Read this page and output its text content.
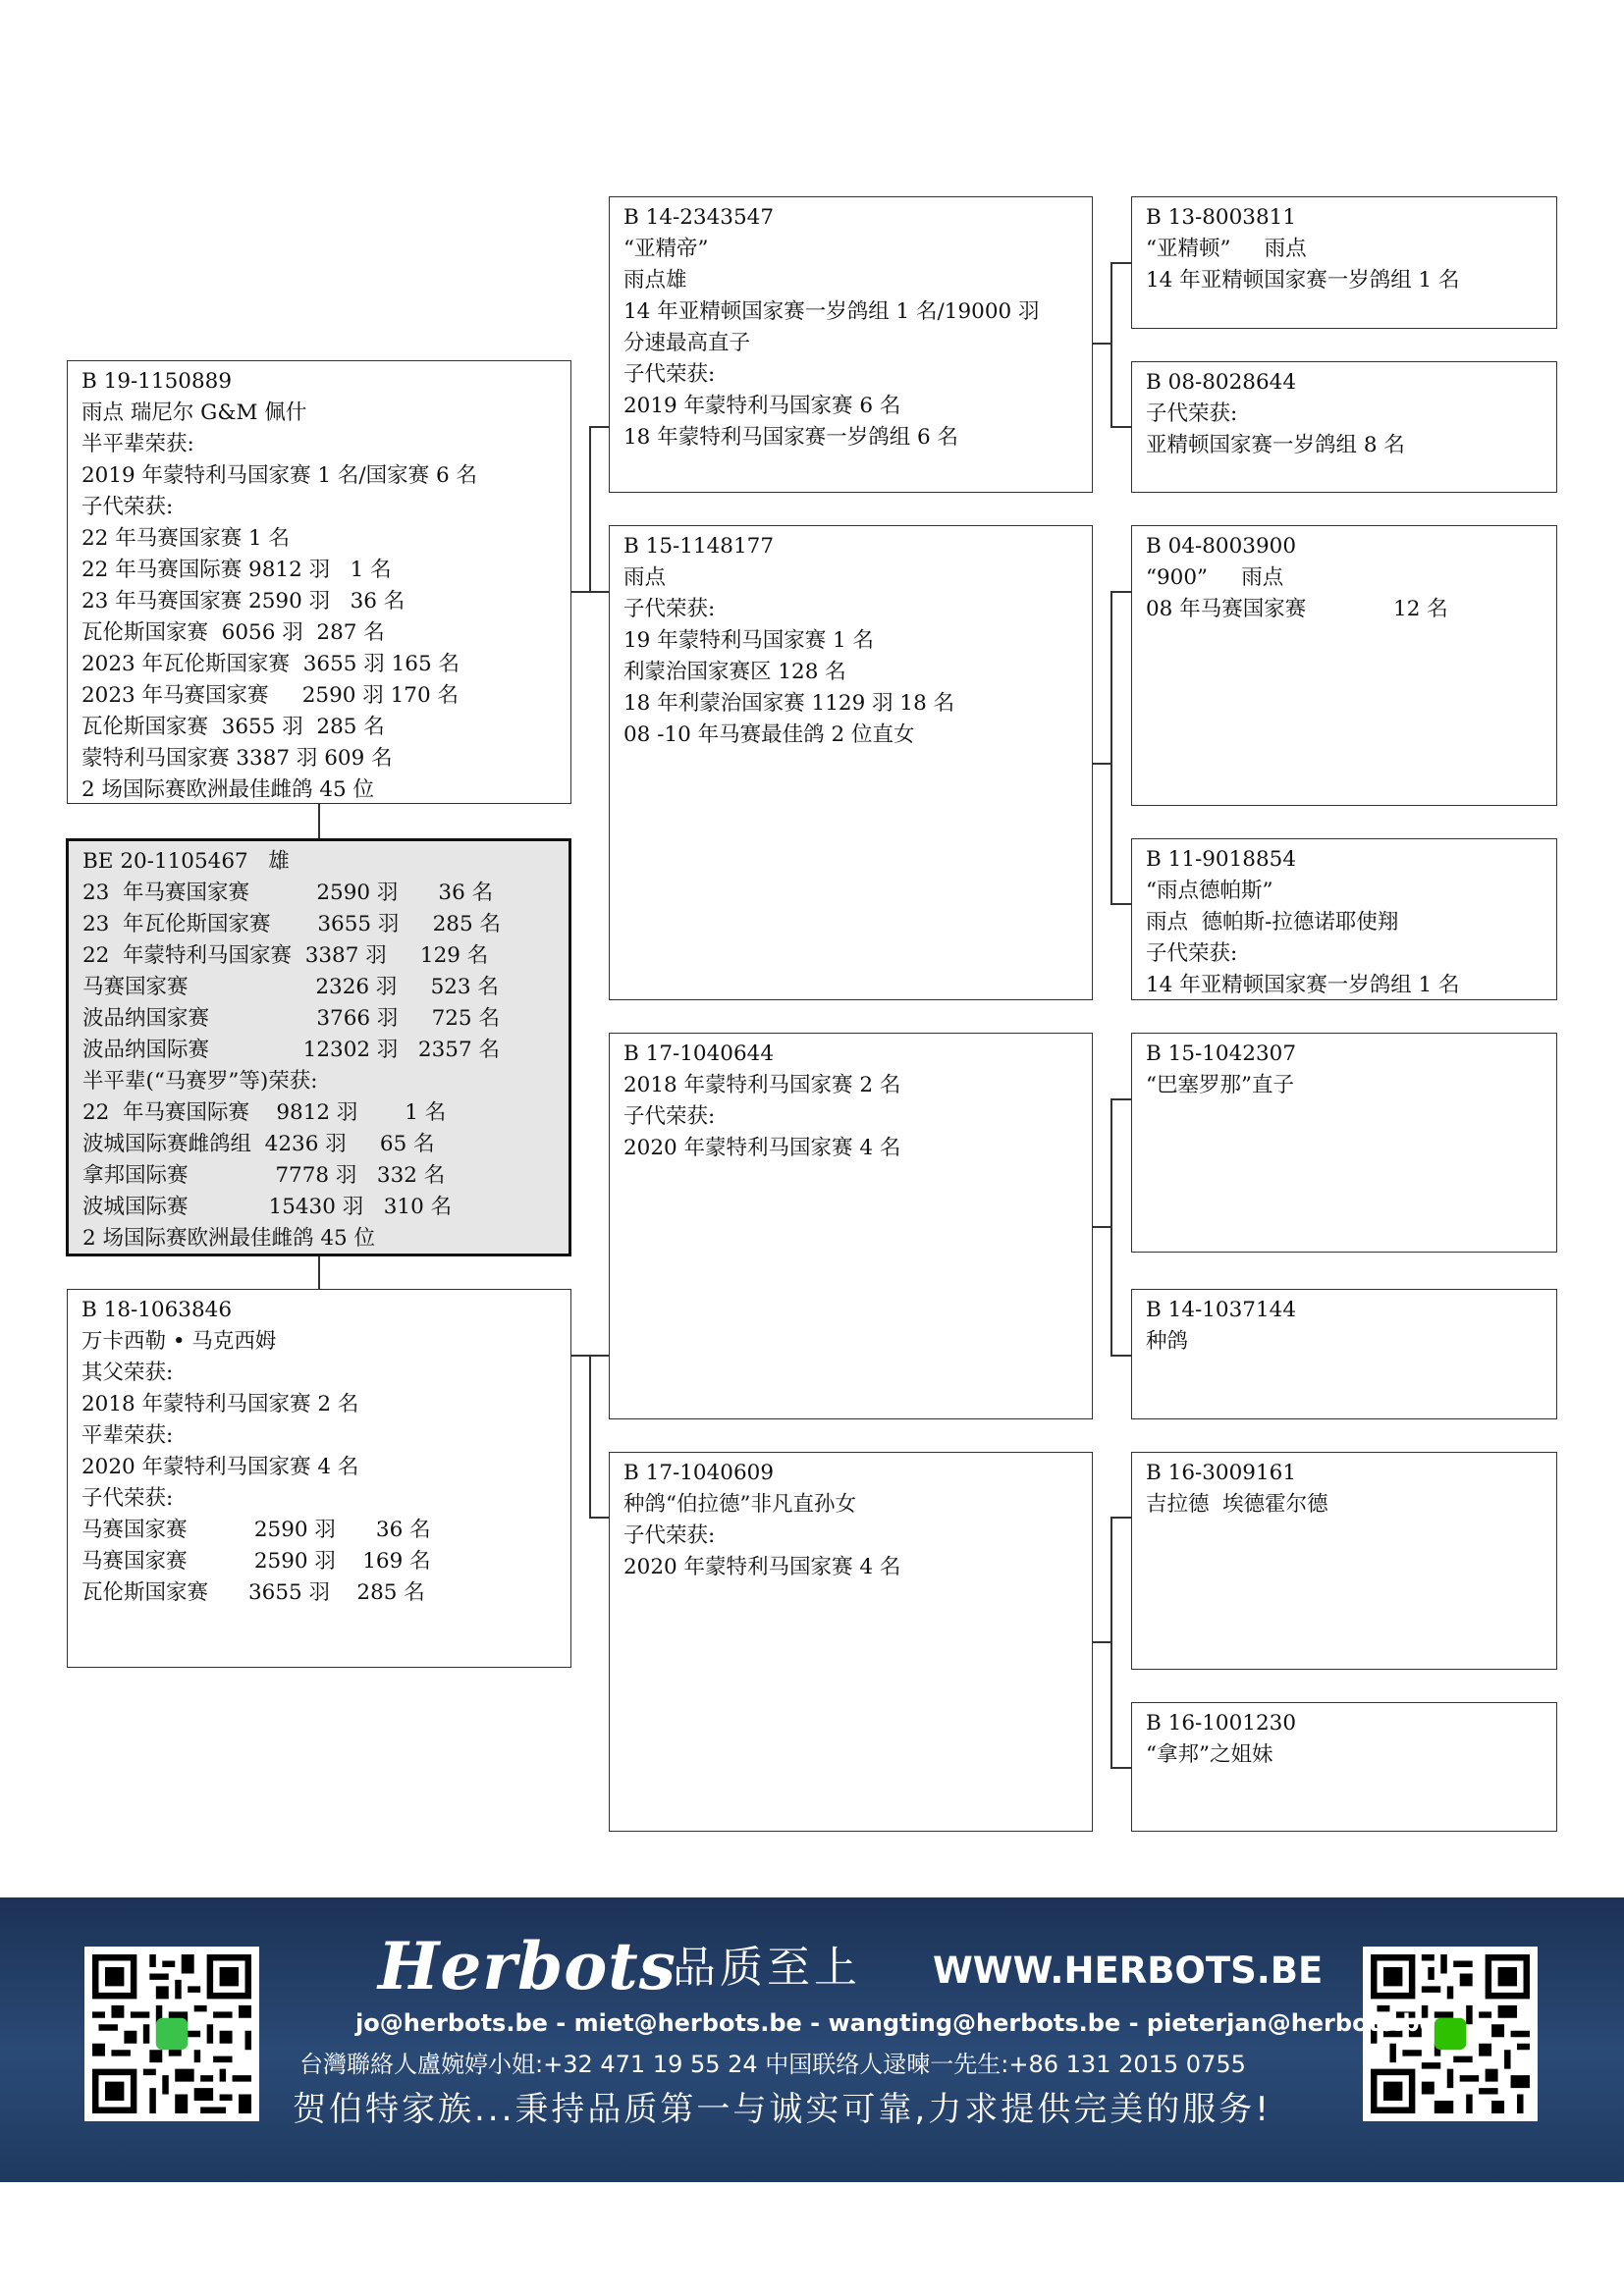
B 19-1150889
雨点 瑞尼尔 G&M 佩什
半平辈荣获:
2019 年蒙特利马国家赛 1 名/国家赛 6 名
子代荣获:
22 年马赛国家赛 1 名
22 年马赛国际赛 9812 羽   1 名
23 年马赛国家赛 2590 羽   36 名
瓦伦斯国家赛  6056 羽  287 名
2023 年瓦伦斯国家赛  3655 羽 165 名
2023 年马赛国家赛     2590 羽 170 名
瓦伦斯国家赛  3655 羽  285 名
蒙特利马国家赛 3387 羽 609 名
2 场国际赛欧洲最佳雌鸽 45 位
BE 20-1105467   雄
23  年马赛国家赛          2590 羽      36 名
23  年瓦伦斯国家赛       3655 羽     285 名
22  年蒙特利马国家赛  3387 羽     129 名
马赛国家赛                   2326 羽     523 名
波品纳国家赛                3766 羽     725 名
波品纳国际赛              12302 羽   2357 名
半平辈(“马赛罗”等)荣获:
22  年马赛国际赛    9812 羽       1 名
波城国际赛雌鸽组  4236 羽     65 名
拿邦国际赛             7778 羽   332 名
波城国际赛            15430 羽   310 名
2 场国际赛欧洲最佳雌鸽 45 位
B 18-1063846
万卡西勒 • 马克西姆
其父荣获:
2018 年蒙特利马国家赛 2 名
平辈荣获:
2020 年蒙特利马国家赛 4 名
子代荣获:
马赛国家赛          2590 羽      36 名
马赛国家赛          2590 羽    169 名
瓦伦斯国家赛      3655 羽    285 名
B 14-2343547
“亚精帝”
雨点雄
14 年亚精顿国家赛一岁鸽组 1 名/19000 羽
分速最高直子
子代荣获:
2019 年蒙特利马国家赛 6 名
18 年蒙特利马国家赛一岁鸽组 6 名
B 15-1148177
雨点
子代荣获:
19 年蒙特利马国家赛 1 名
利蒙治国家赛区 128 名
18 年利蒙治国家赛 1129 羽 18 名
08 -10 年马赛最佳鸽 2 位直女
B 17-1040644
2018 年蒙特利马国家赛 2 名
子代荣获:
2020 年蒙特利马国家赛 4 名
B 17-1040609
种鸽“伯拉德”非凡直孙女
子代荣获:
2020 年蒙特利马国家赛 4 名
B 13-8003811
“亚精顿”     雨点
14 年亚精顿国家赛一岁鸽组 1 名
B 08-8028644
子代荣获:
亚精顿国家赛一岁鸽组 8 名
B 04-8003900
“900”     雨点
08 年马赛国家赛             12 名
B 11-9018854
“雨点德帕斯”
雨点  德帕斯-拉德诺耶使翔
子代荣获:
14 年亚精顿国家赛一岁鸽组 1 名
B 15-1042307
“巴塞罗那”直子
B 14-1037144
种鸽
B 16-3009161
吉拉德  埃德霍尔德
B 16-1001230
“拿邦”之姐妹
Herbots
品质至上 WWW.HERBOTS.BE
jo@herbots.be - miet@herbots.be - wangting@herbots.be - pieterjan@herbots.be
台灣聯絡人盧婉婷小姐:+32 471 19 55 24 中国联络人逯暕一先生:+86 131 2015 0755
贺伯特家族...秉持品质第一与诚实可靠,力求提供完美的服务!
